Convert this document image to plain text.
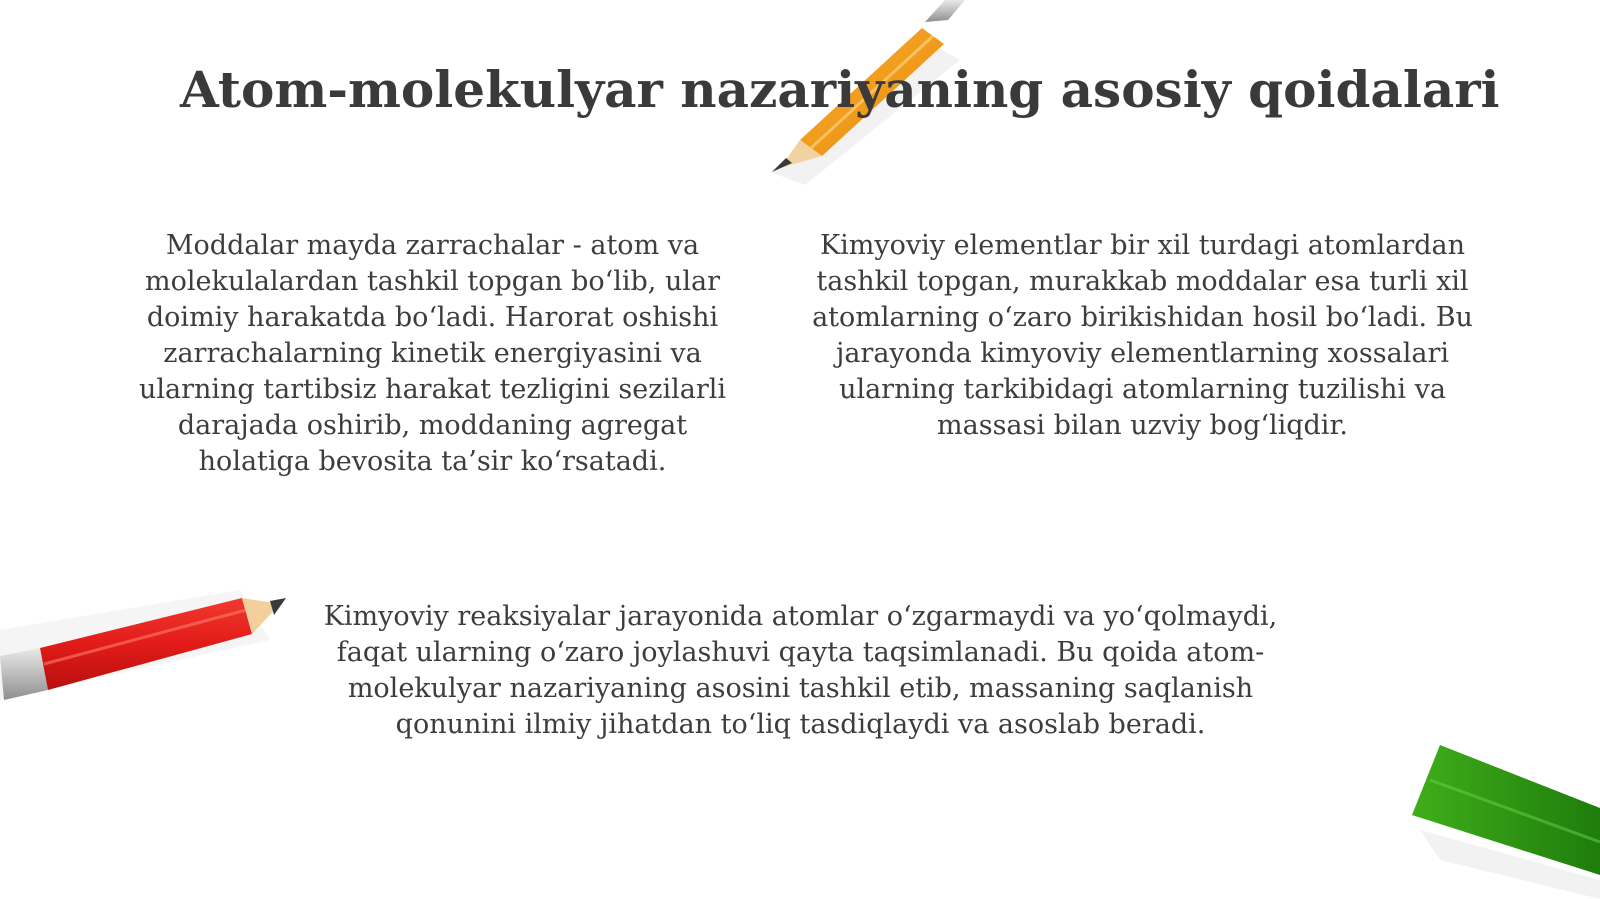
Atom-molekulyar nazariyaning asosiy qoidalari

Moddalar mayda zarrachalar - atom va molekulalardan tashkil topgan bo‘lib, ular doimiy harakatda bo‘ladi. Harorat oshishi zarrachalarning kinetik energiyasini va ularning tartibsiz harakat tezligini sezilarli darajada oshirib, moddaning agregat holatiga bevosita ta’sir ko‘rsatadi.

Kimyoviy elementlar bir xil turdagi atomlardan tashkil topgan, murakkab moddalar esa turli xil atomlarning o‘zaro birikishidan hosil bo‘ladi. Bu jarayonda kimyoviy elementlarning xossalari ularning tarkibidagi atomlarning tuzilishi va massasi bilan uzviy bog‘liqdir.

Kimyoviy reaksiyalar jarayonida atomlar o‘zgarmaydi va yo‘qolmaydi, faqat ularning o‘zaro joylashuvi qayta taqsimlanadi. Bu qoida atom-molekulyar nazariyaning asosini tashkil etib, massaning saqlanish qonunini ilmiy jihatdan to‘liq tasdiqlaydi va asoslab beradi.
